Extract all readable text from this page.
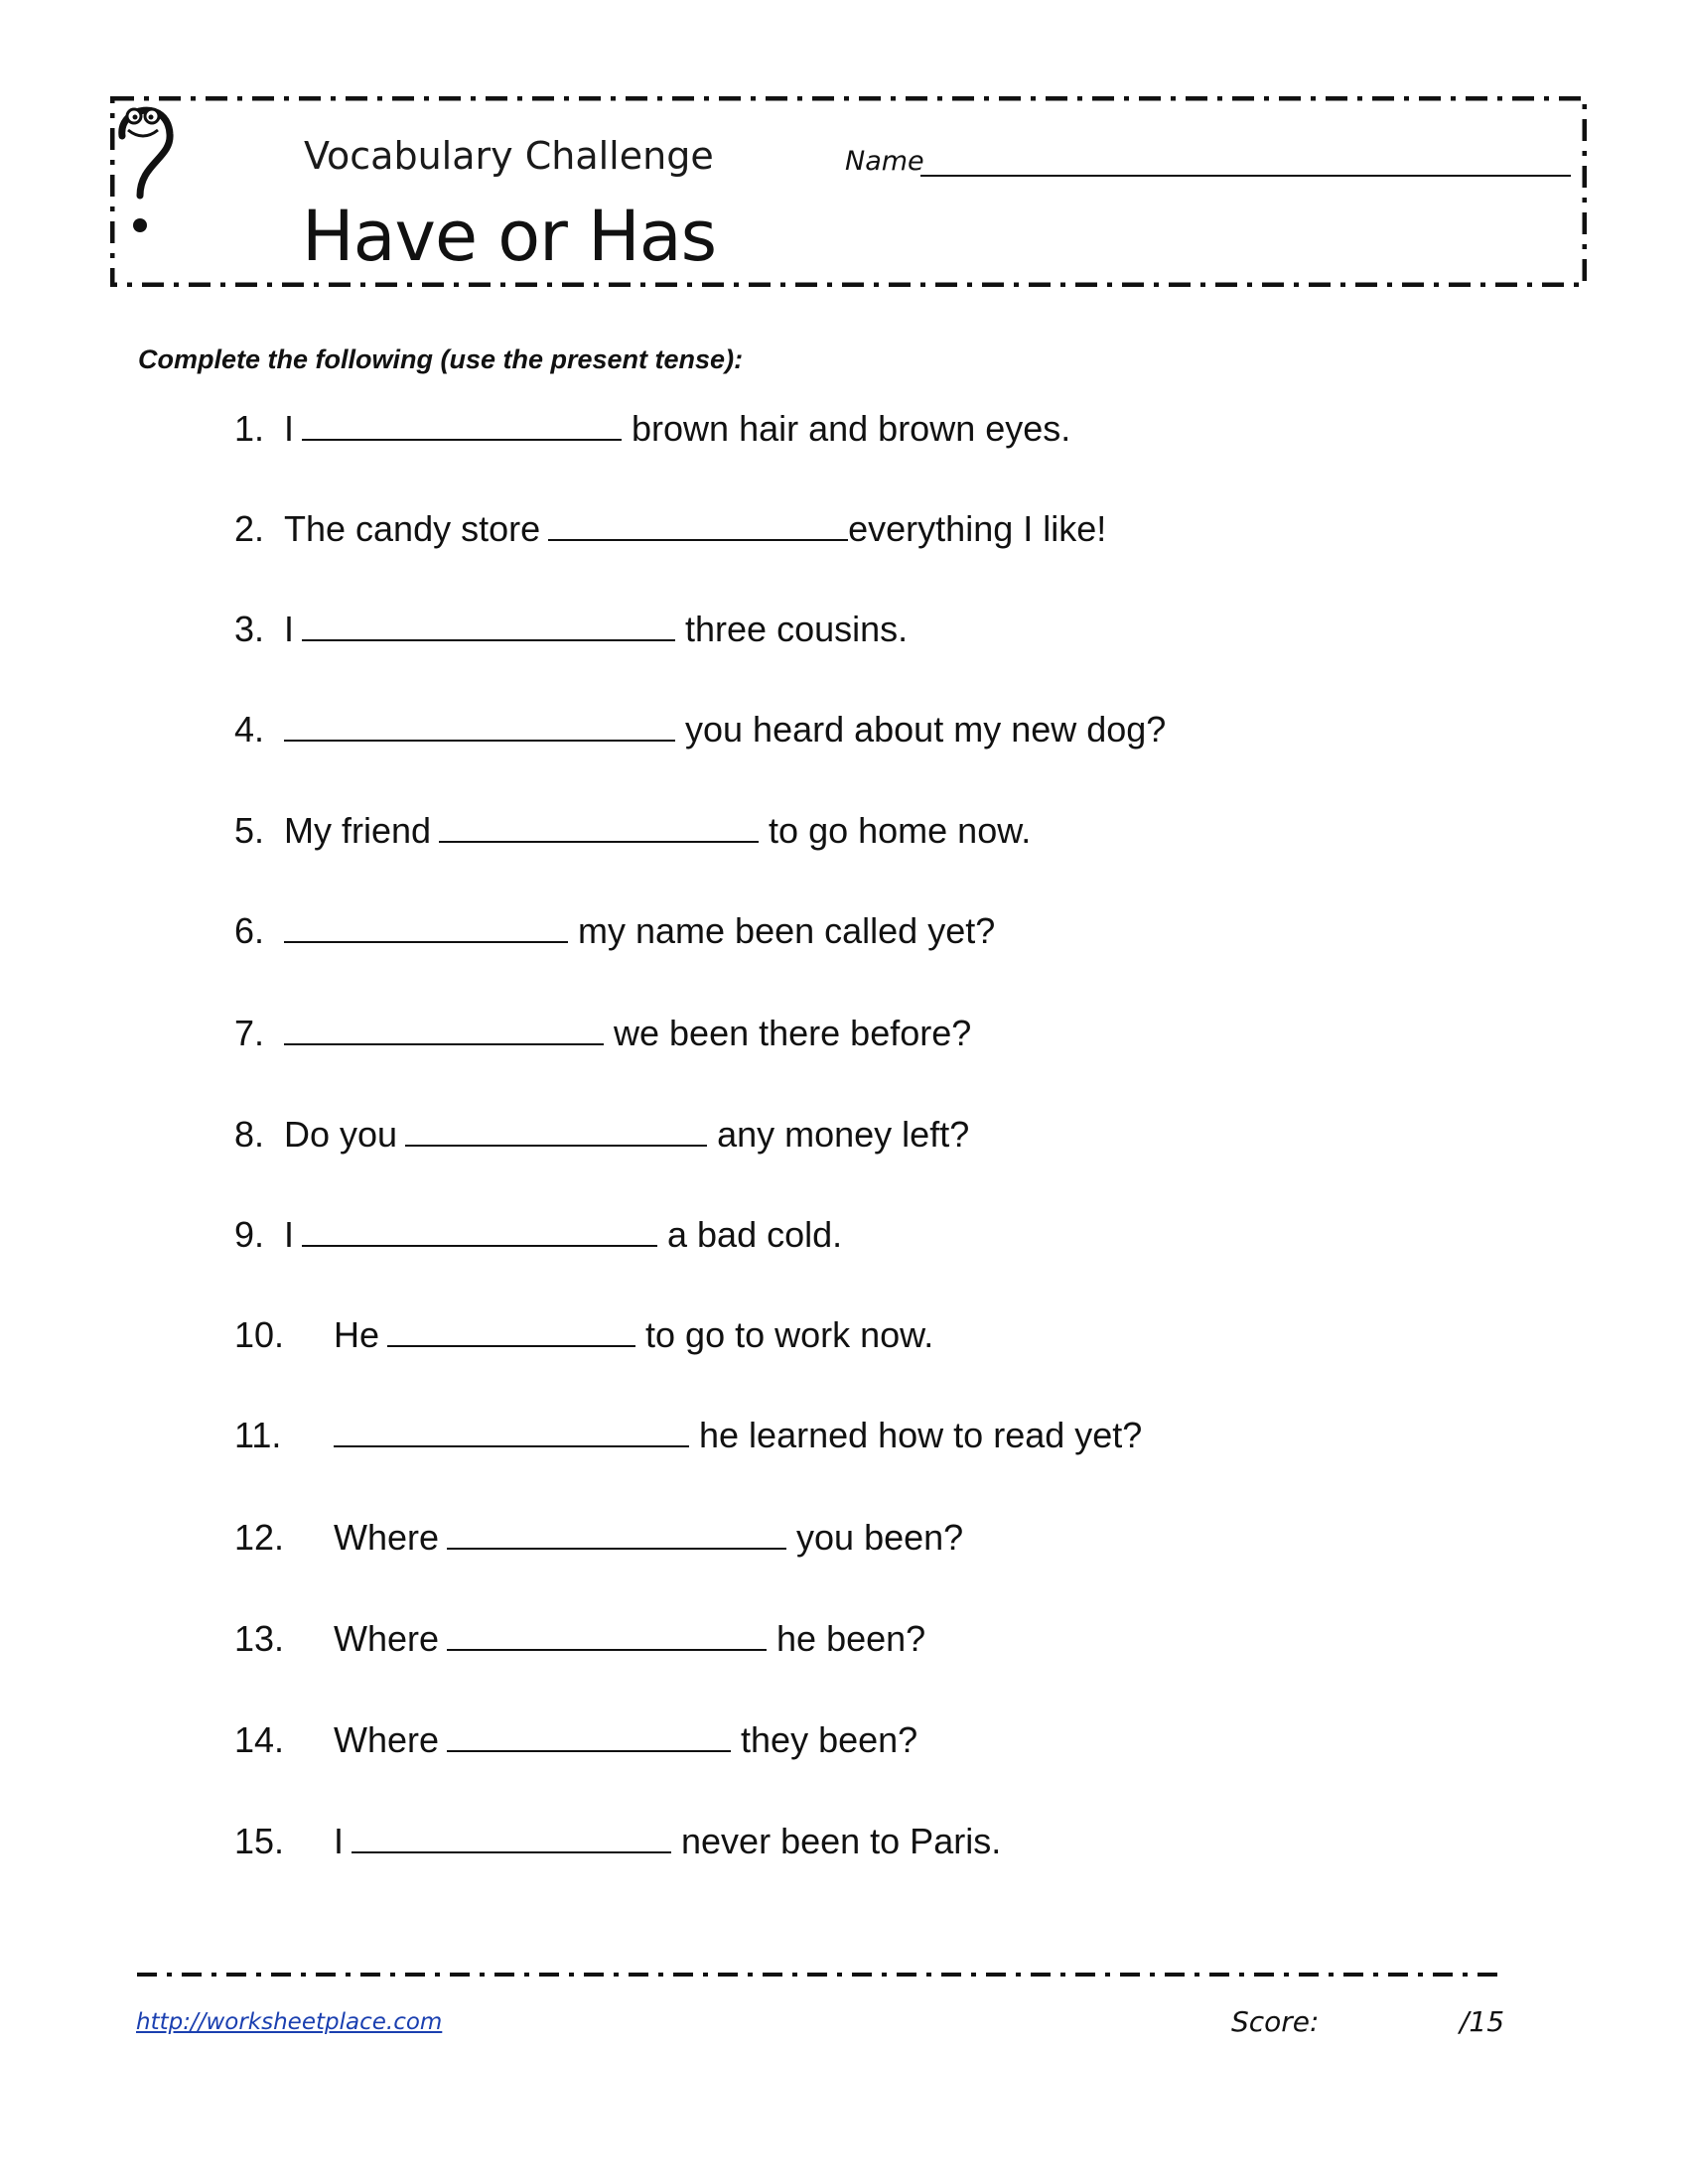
Vocabulary Challenge
Have or Has
Name
Complete the following (use the present tense):
1. I	brown hair and brown eyes.
2. The candy store	everything I like!
3. I	three cousins.
4.	you heard about my new dog?
5. My friend	to go home now.
6.	my name been called yet?
7.	we been there before?
8. Do you	any money left?
9. I	a bad cold.
10. He	to go to work now.
11.	he learned how to read yet?
12. Where	you been?
13. Where	he been?
14. Where	they been?
15. I	never been to Paris.
http://worksheetplace.com	Score:	/15
